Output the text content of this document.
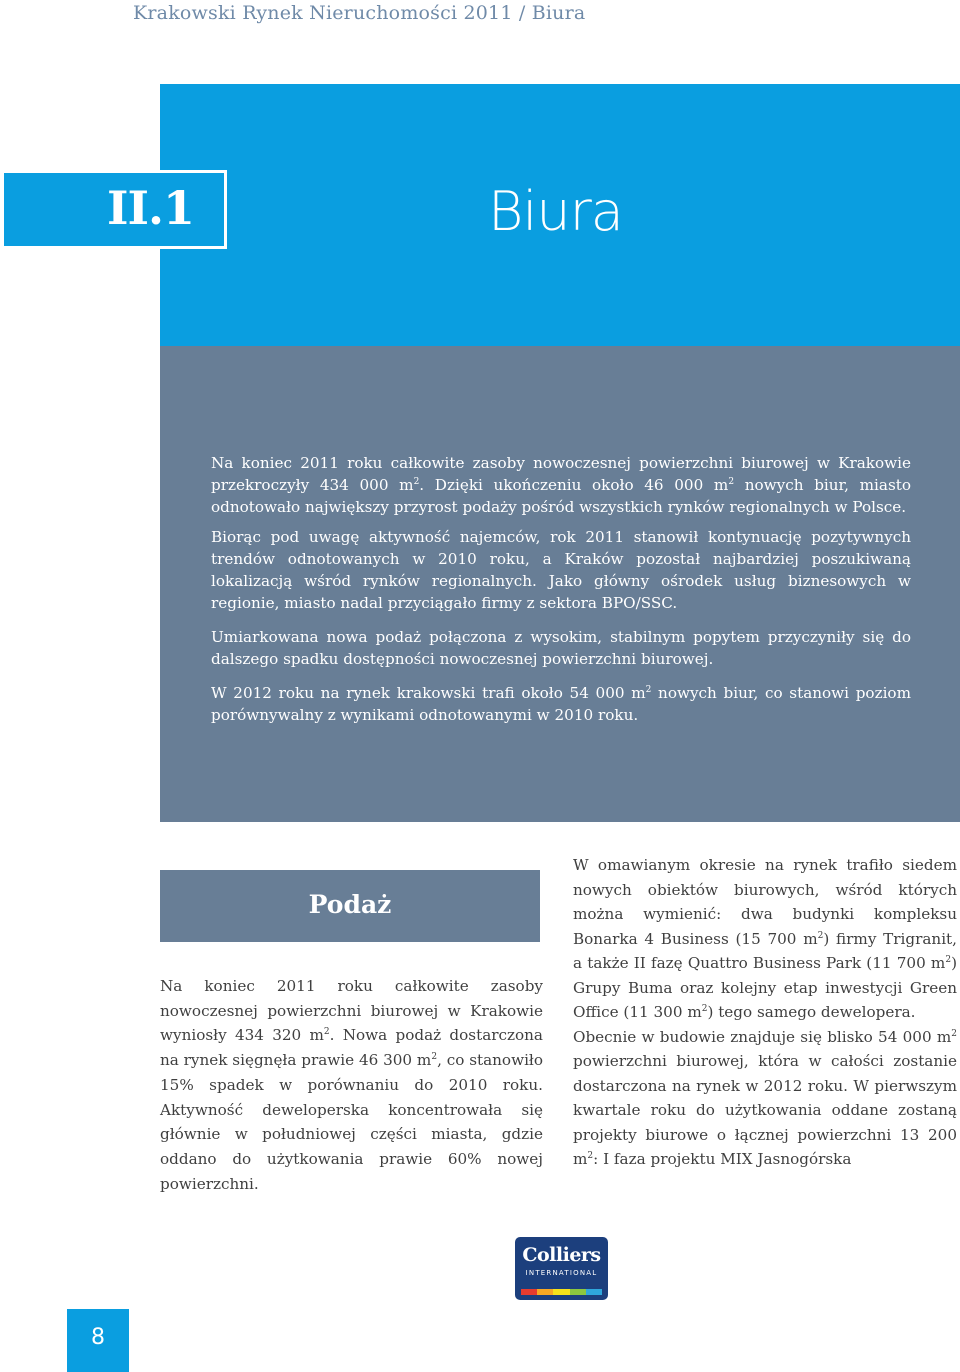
Krakowski Rynek Nieruchomości 2011 / Biura
Biura
II.1

Na koniec 2011 roku całkowite zasoby nowoczesnej powierzchni biurowej w Krakowie przekroczyły 434 000 $m^2$. Dzięki ukończeniu około 46 000 $m^2$ nowych biur, miasto odnotowało największy przyrost podaży pośród wszystkich rynków regionalnych w Polsce.

Biorąc pod uwagę aktywność najemców, rok 2011 stanowił kontynuację pozytywnych trendów odnotowanych w 2010 roku, a Kraków pozostał najbardziej poszukiwaną lokalizacją wśród rynków regionalnych. Jako główny ośrodek usług biznesowych w regionie, miasto nadal przyciągało firmy z sektora BPO/SSC.

Umiarkowana nowa podaż połączona z wysokim, stabilnym popytem przyczyniły się do dalszego spadku dostępności nowoczesnej powierzchni biurowej.

W 2012 roku na rynek krakowski trafi około 54 000 $m^2$ nowych biur, co stanowi poziom porównywalny z wynikami odnotowanymi w 2010 roku.

Podaż

Na koniec 2011 roku całkowite zasoby nowoczesnej powierzchni biurowej w Krakowie wyniosły 434 320 $m^2$. Nowa podaż dostarczona na rynek sięgnęła prawie 46 300 $m^2$, co stanowiło 15% spadek w porównaniu do 2010 roku. Aktywność deweloperska koncentrowała się głównie w południowej części miasta, gdzie oddano do użytkowania prawie 60% nowej powierzchni.

W omawianym okresie na rynek trafiło siedem nowych obiektów biurowych, wśród których można wymienić: dwa budynki kompleksu Bonarka 4 Business (15 700 $m^2$) firmy Trigranit, a także II fazę Quattro Business Park (11 700 $m^2$) Grupy Buma oraz kolejny etap inwestycji Green Office (11 300 $m^2$) tego samego dewelopera.

Obecnie w budowie znajduje się blisko 54 000 $m^2$ powierzchni biurowej, która w całości zostanie dostarczona na rynek w 2012 roku. W pierwszym kwartale roku do użytkowania oddane zostaną projekty biurowe o łącznej powierzchni 13 200 $m^2$: I faza projektu MIX Jasnogórska

Colliers
INTERNATIONAL
8
